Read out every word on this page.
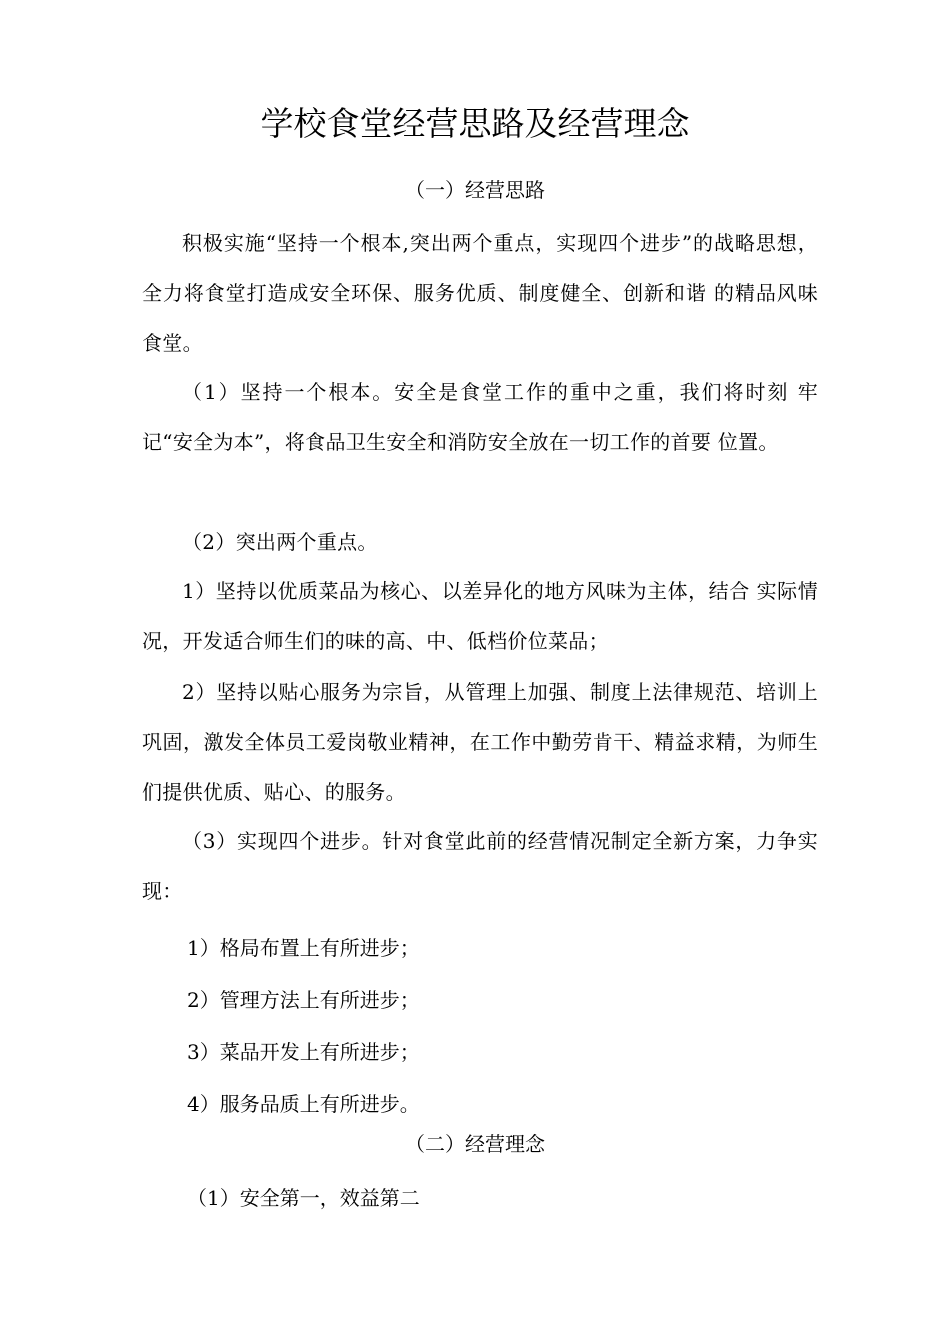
学校食堂经营思路及经营理念
（一）经营思路
积极实施“坚持一个根本,突出两个重点，实现四个进步”的战略思想，全力将食堂打造成安全环保、服务优质、制度健全、创新和谐 的精品风味食堂。
（1）坚持一个根本。安全是食堂工作的重中之重，我们将时刻 牢记“安全为本”，将食品卫生安全和消防安全放在一切工作的首要 位置。
（2）突出两个重点。
1）坚持以优质菜品为核心、以差异化的地方风味为主体，结合 实际情况，开发适合师生们的味的高、中、低档价位菜品；
2）坚持以贴心服务为宗旨，从管理上加强、制度上法律规范、培训上巩固，激发全体员工爱岗敬业精神，在工作中勤劳肯干、精益求精，为师生们提供优质、贴心、的服务。
（3）实现四个进步。针对食堂此前的经营情况制定全新方案，力争实现：
1）格局布置上有所进步；
2）管理方法上有所进步；
3）菜品开发上有所进步；
4）服务品质上有所进步。
（二）经营理念
（1）安全第一，效益第二
